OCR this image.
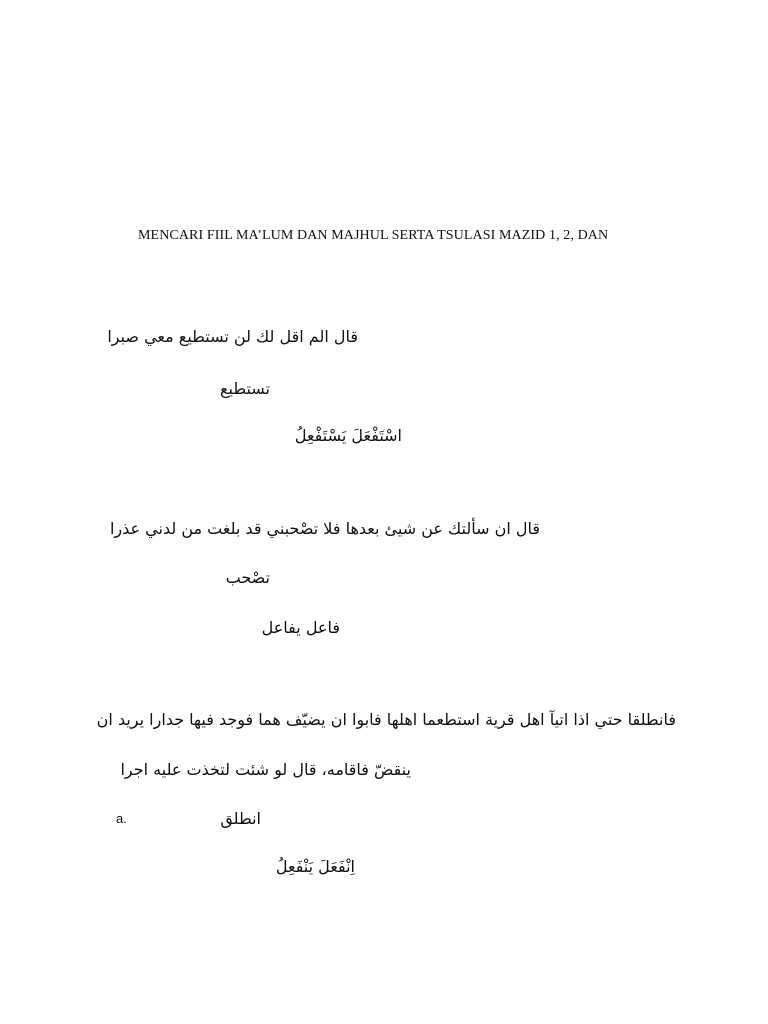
MENCARI FIIL MA’LUM DAN MAJHUL SERTA TSULASI MAZID 1, 2, DAN
قال الم اقل لك لن تستطيع معي صبرا
تستطيع
اسْتَفْعَلَ يَسْتَفْعِلُ
قال ان سألتك عن شيئ بعدها فلا تصْحبني قد بلغت من لدني عذرا
تصْحب
فاعل يفاعل
فانطلقا حتي اذا اتيآ اهل قرية استطعما اهلها فابوا ان يضيّف هما فوجد فيها جدارا يريد ان
ينقضّ فاقامه، قال لو شئت لتخذت عليه اجرا
a.	انطلق
اِنْفَعَلَ يَنْفَعِلُ
